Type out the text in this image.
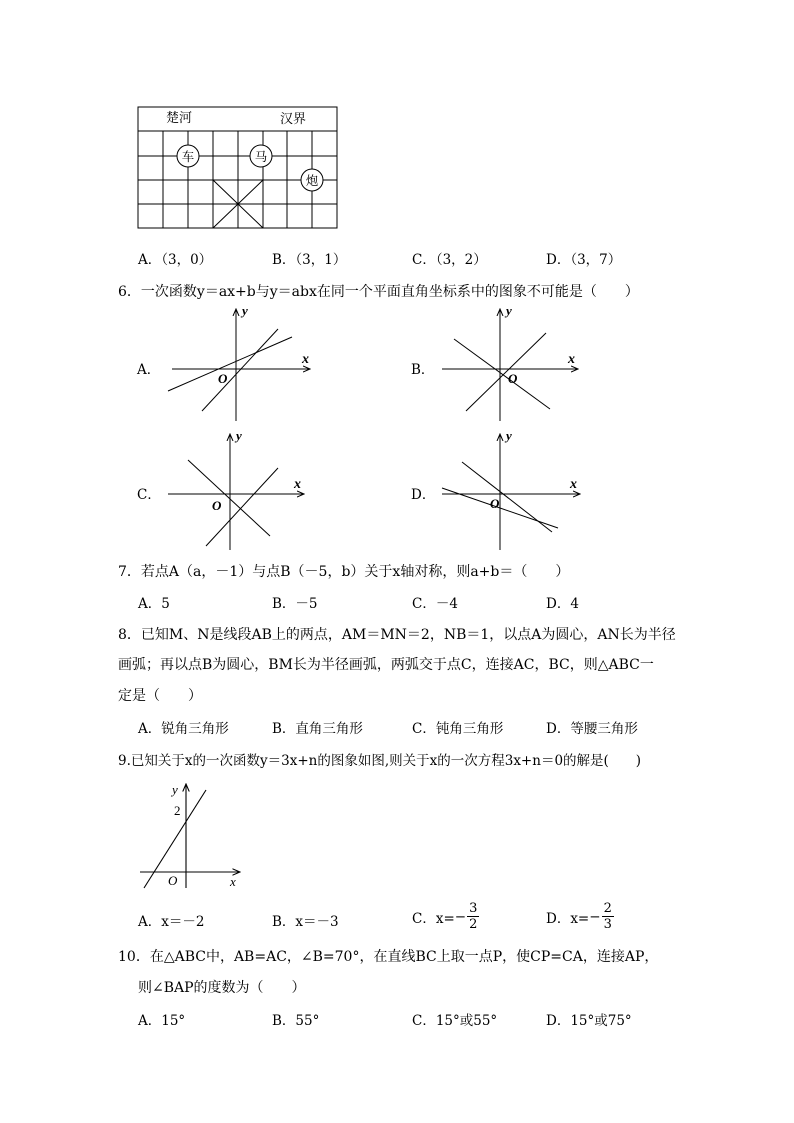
楚河	汉界
车	马
炮
A．（3，0）	B．（3，1）	C．（3，2）	D．（3，7）
6．一次函数y＝ax+b与y＝abx在同一个平面直角坐标系中的图象不可能是（　　）
A．
x
y
O
B．
x
y
O
C．
x
y
O
D．
x
y
O
7．若点A（a，－1）与点B（－5，b）关于x轴对称，则a+b＝（　　）
A．5	B．－5	C．－4	D．4
8．已知M、N是线段AB上的两点，AM＝MN＝2，NB＝1，以点A为圆心，AN长为半径
画弧；再以点B为圆心，BM长为半径画弧，两弧交于点C，连接AC，BC，则△ABC一
定是（　　）
A．锐角三角形	B．直角三角形	C．钝角三角形	D．等腰三角形
9.已知关于x的一次函数y＝3x+n的图象如图,则关于x的一次方程3x+n＝0的解是(　　)
y
2
O	x
A．x＝－2	B．x＝－3	C．$x= - \frac{3}{2}$	D．$x= - \frac{2}{3}$
10．在△ABC中，AB=AC，∠B=70°，在直线BC上取一点P，使CP=CA，连接AP，
则∠BAP的度数为（　　）
A．15°	B．55°	C．15°或55°	D．15°或75°
